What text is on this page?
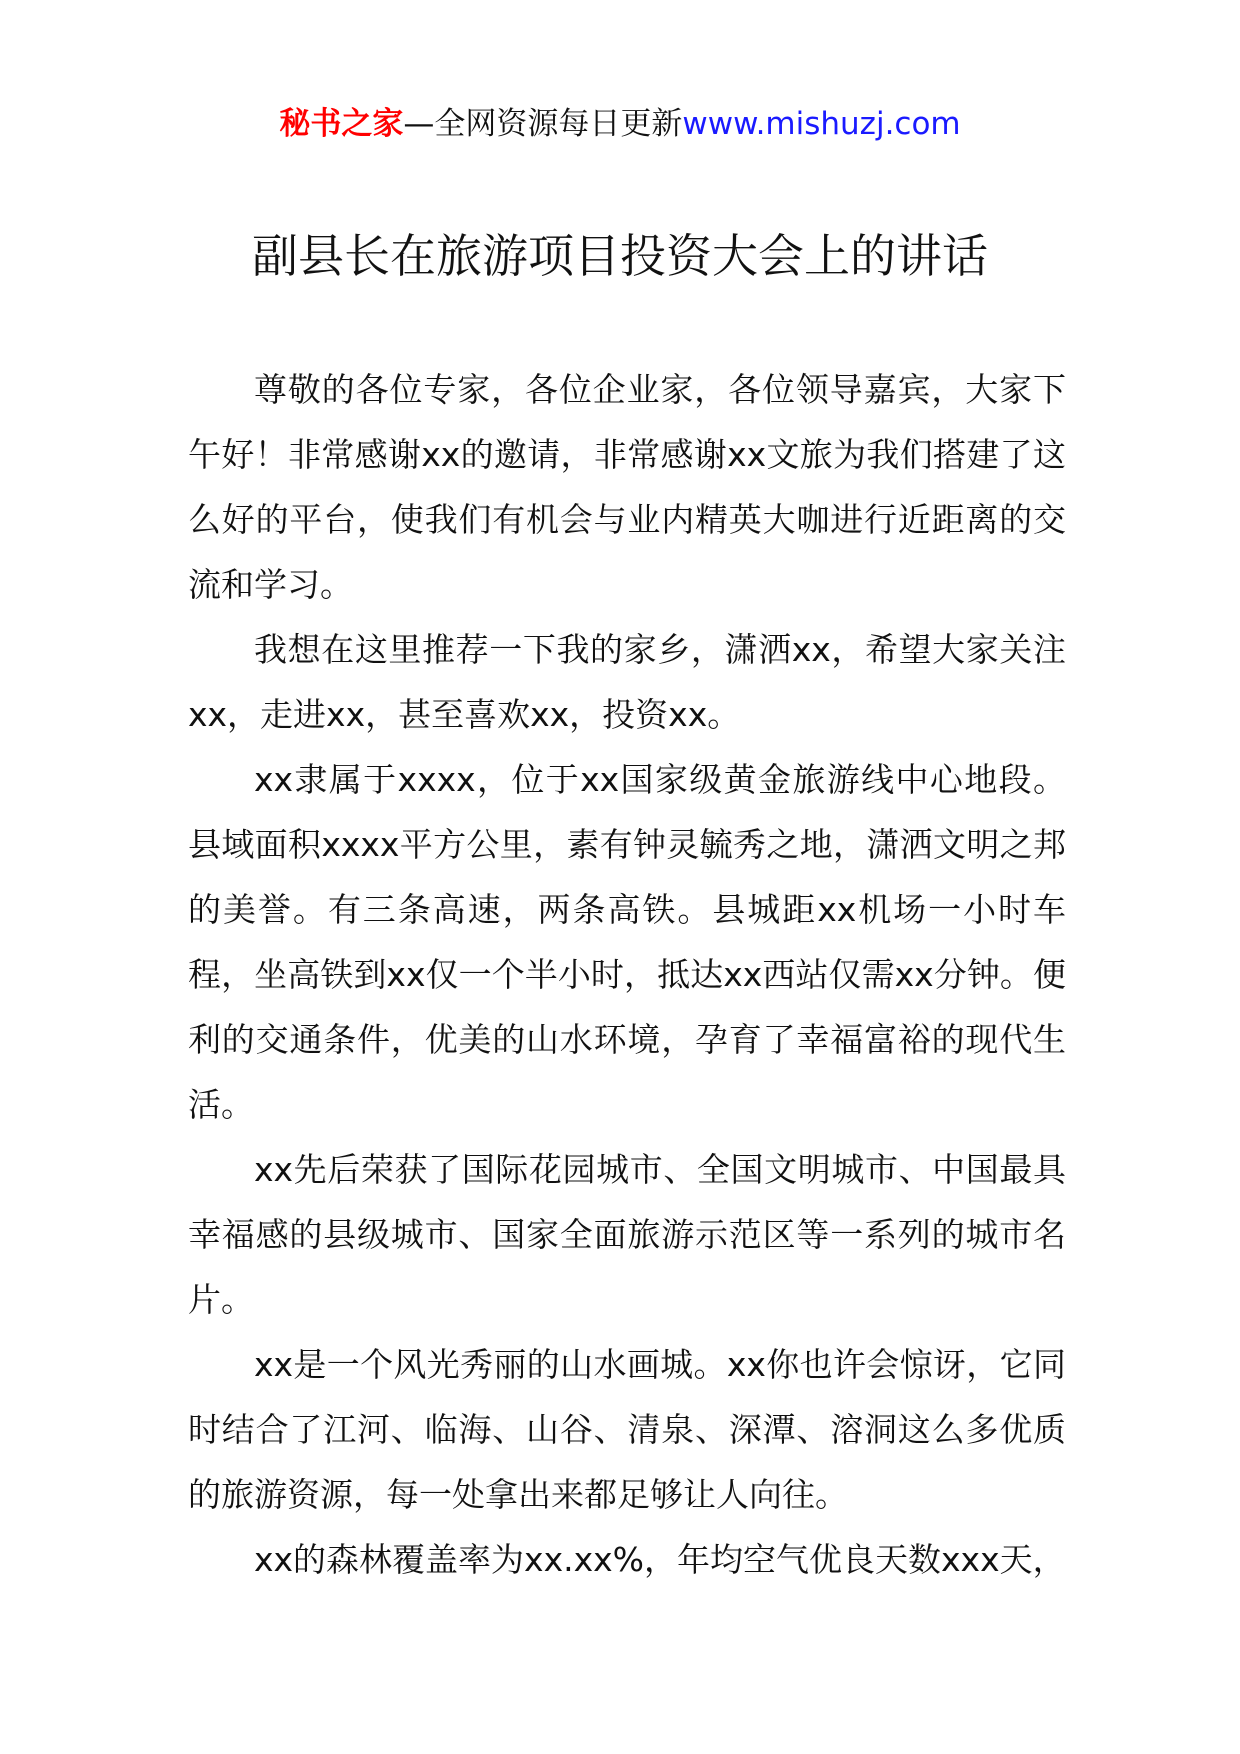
秘书之家—全网资源每日更新www.mishuzj.com
副县长在旅游项目投资大会上的讲话

尊敬的各位专家，各位企业家，各位领导嘉宾，大家下午好！非常感谢xx的邀请，非常感谢xx文旅为我们搭建了这么好的平台，使我们有机会与业内精英大咖进行近距离的交流和学习。

我想在这里推荐一下我的家乡，潇洒xx，希望大家关注xx，走进xx，甚至喜欢xx，投资xx。

xx隶属于xxxx，位于xx国家级黄金旅游线中心地段。县域面积xxxx平方公里，素有钟灵毓秀之地，潇洒文明之邦的美誉。有三条高速，两条高铁。县城距xx机场一小时车程，坐高铁到xx仅一个半小时，抵达xx西站仅需xx分钟。便利的交通条件，优美的山水环境，孕育了幸福富裕的现代生活。

xx先后荣获了国际花园城市、全国文明城市、中国最具幸福感的县级城市、国家全面旅游示范区等一系列的城市名片。

xx是一个风光秀丽的山水画城。xx你也许会惊讶，它同时结合了江河、临海、山谷、清泉、深潭、溶洞这么多优质的旅游资源，每一处拿出来都足够让人向往。

xx的森林覆盖率为xx.xx%，年均空气优良天数xxx天，
